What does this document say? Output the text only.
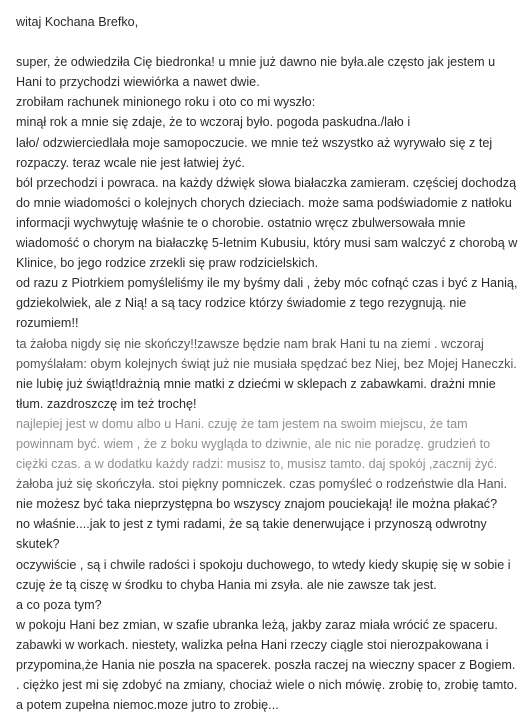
witaj Kochana Brefko,
super, że odwiedziła Cię biedronka! u mnie już dawno nie była.ale często jak jestem u
Hani to przychodzi wiewiórka a nawet dwie.
zrobiłam rachunek minionego roku i oto co mi wyszło:
minął rok a mnie się zdaje, że to wczoraj było. pogoda paskudna./lało i
lało/ odzwierciedlała moje samopoczucie. we mnie też wszystko aż wyrywało się z tej
rozpaczy. teraz wcale nie jest łatwiej żyć.
ból przechodzi i powraca. na każdy dźwięk słowa białaczka zamieram. częściej dochodzą
do mnie wiadomości o kolejnych chorych dzieciach. może sama podświadomie z natłoku
informacji wychwytuję właśnie te o chorobie. ostatnio wręcz zbulwersowała mnie
wiadomość o chorym na białaczkę 5-letnim Kubusiu, który musi sam walczyć z chorobą w
Klinice, bo jego rodzice zrzekli się praw rodzicielskich.
od razu z Piotrkiem pomyśleliśmy ile my byśmy dali , żeby móc cofnąć czas i być z Hanią,
gdziekolwiek, ale z Nią! a są tacy rodzice którzy świadomie z tego rezygnują. nie
rozumiem!!
ta żałoba nigdy się nie skończy!!zawsze będzie nam brak Hani tu na ziemi . wczoraj
pomyślałam: obym kolejnych świąt już nie musiała spędzać bez Niej, bez Mojej Haneczki.
nie lubię już świąt!drażnią mnie matki z dziećmi w sklepach z zabawkami. drażni mnie
tłum. zazdroszczę im też trochę!
najlepiej jest w domu albo u Hani. czuję że tam jestem na swoim miejscu, że tam
powinnam być. wiem , że z boku wygląda to dziwnie, ale nic nie poradzę. grudzień to
ciężki czas. a w dodatku każdy radzi: musisz to, musisz tamto. daj spokój ,zacznij żyć.
żałoba już się skończyła. stoi piękny pomniczek. czas pomyśleć o rodzeństwie dla Hani.
nie możesz być taka nieprzystępna bo wszyscy znajom pouciekają! ile można płakać?
no właśnie....jak to jest z tymi radami, że są takie denerwujące i przynoszą odwrotny
skutek?
oczywiście , są i chwile radości i spokoju duchowego, to wtedy kiedy skupię się w sobie i
czuję że tą ciszę w środku to chyba Hania mi zsyła. ale nie zawsze tak jest.
a co poza tym?
w pokoju Hani bez zmian, w szafie ubranka leżą, jakby zaraz miała wrócić ze spaceru.
zabawki w workach. niestety, walizka pełna Hani rzeczy ciągle stoi nierozpakowana i
przypomina,że Hania nie poszła na spacerek. poszła raczej na wieczny spacer z Bogiem.
. ciężko jest mi się zdobyć na zmiany, chociaż wiele o nich mówię. zrobię to, zrobię tamto.
a potem zupełna niemoc.moze jutro to zrobię...
